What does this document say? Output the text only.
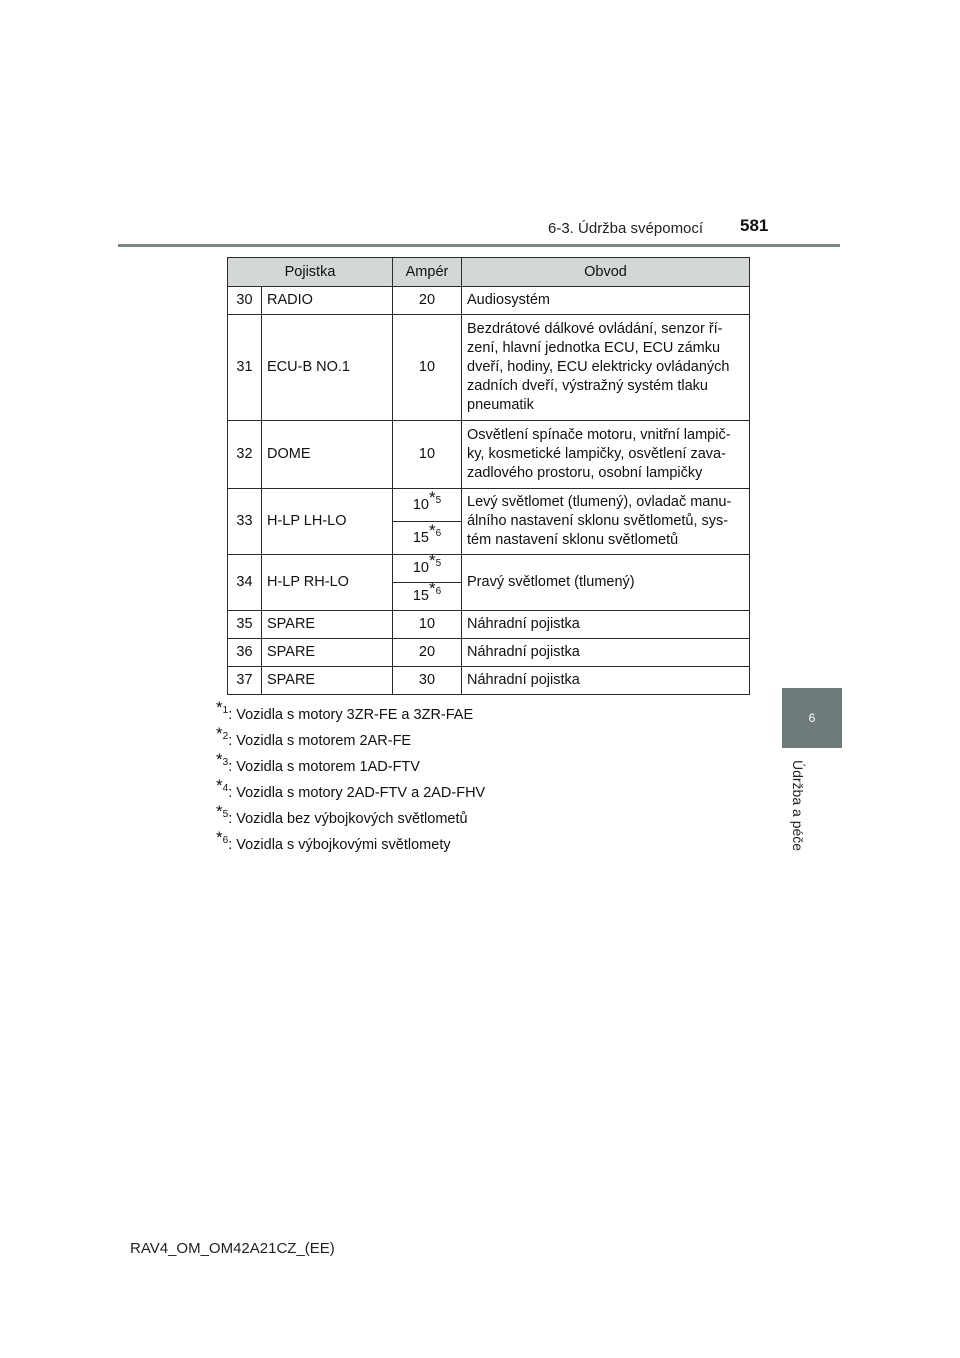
6-3. Údržba svépomocí 581
6
Údržba a péče
Pojistka		Ampér	Obvod
30	RADIO	20	Audiosystém
31	ECU-B NO.1	10	Bezdrátové dálkové ovládání, senzor ří-zení, hlavní jednotka ECU, ECU zámku dveří, hodiny, ECU elektricky ovládaných zadních dveří, výstražný systém tlaku pneumatik
32	DOME	10	Osvětlení spínače motoru, vnitřní lampič-ky, kosmetické lampičky, osvětlení zava-zadlového prostoru, osobní lampičky
33	H-LP LH-LO	10$^{*5}$	Levý světlomet (tlumený), ovladač manu-álního nastavení sklonu světlometů, sys-tém nastavení sklonu světlometů
		15$^{*6}$
34	H-LP RH-LO	10$^{*5}$	Pravý světlomet (tlumený)
		15$^{*6}$
35	SPARE	10	Náhradní pojistka
36	SPARE	20	Náhradní pojistka
37	SPARE	30	Náhradní pojistka
$^{*1}$: Vozidla s motory 3ZR-FE a 3ZR-FAE
$^{*2}$: Vozidla s motorem 2AR-FE
$^{*3}$: Vozidla s motorem 1AD-FTV
$^{*4}$: Vozidla s motory 2AD-FTV a 2AD-FHV
$^{*5}$: Vozidla bez výbojkových světlometů
$^{*6}$: Vozidla s výbojkovými světlomety
RAV4_OM_OM42A21CZ_(EE)
